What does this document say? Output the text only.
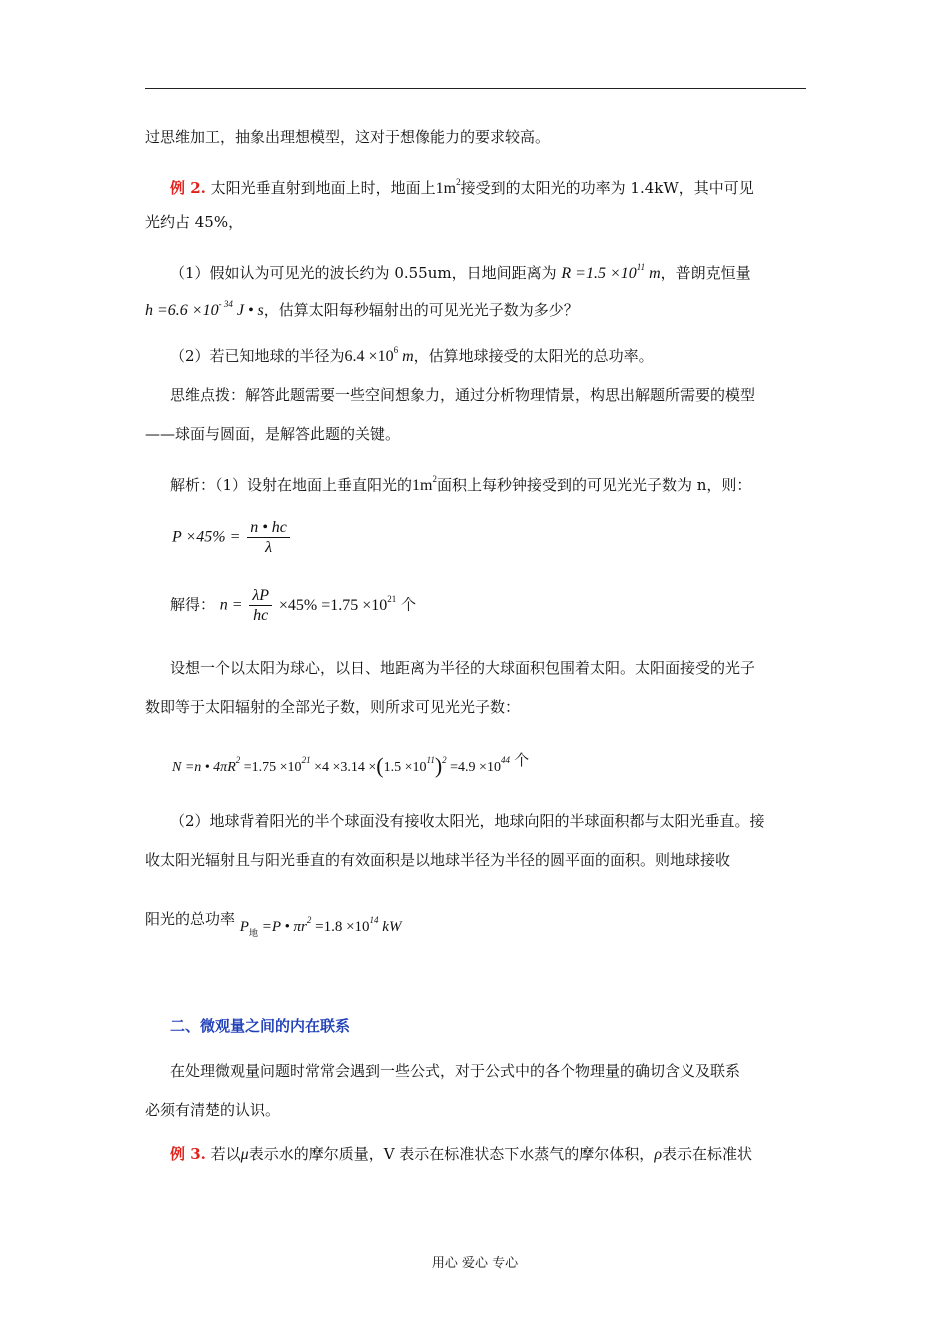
过思维加工，抽象出理想模型，这对于想像能力的要求较高。
例 2. 太阳光垂直射到地面上时，地面上$1m^2$接受到的太阳光的功率为 1.4kW，其中可见
光约占 45%，
（1）假如认为可见光的波长约为 0.55um，日地间距离为 $R =1.5 \times 10^{11}$ m，普朗克恒量
$h =6.6 \times 10^{- 34}$ J • s，估算太阳每秒辐射出的可见光光子数为多少？
（2）若已知地球的半径为$6.4 \times 10^6$ m，估算地球接受的太阳光的总功率。
思维点拨：解答此题需要一些空间想象力，通过分析物理情景，构思出解题所需要的模型
——球面与圆面，是解答此题的关键。
解析：（1）设射在地面上垂直阳光的$1m^2$面积上每秒钟接受到的可见光光子数为 n，则：
$P \times 45\% = \frac{n • hc}{\lambda}$
解得： $n = \frac{\lambda P}{hc} \times 45\% =1.75 \times 10^{21}$ 个
设想一个以太阳为球心，以日、地距离为半径的大球面积包围着太阳。太阳面接受的光子
数即等于太阳辐射的全部光子数，则所求可见光光子数：
N =n • $4\pi R^2 =1.75 \times 10^{21} \times 4 \times 3.14 \times(1.5 \times 10^{11})^2 =4.9 \times 10^{44}$ 个
（2）地球背着阳光的半个球面没有接收太阳光，地球向阳的半球面积都与太阳光垂直。接
收太阳光辐射且与阳光垂直的有效面积是以地球半径为半径的圆平面的面积。则地球接收
阳光的总功率 $P_地 =P$ • $\pi r^2 =1.8 \times 10^{14}$ kW
二、微观量之间的内在联系
在处理微观量问题时常常会遇到一些公式，对于公式中的各个物理量的确切含义及联系
必须有清楚的认识。
例 3. 若以μ表示水的摩尔质量，V 表示在标准状态下水蒸气的摩尔体积，ρ表示在标准状
用心 爱心 专心
